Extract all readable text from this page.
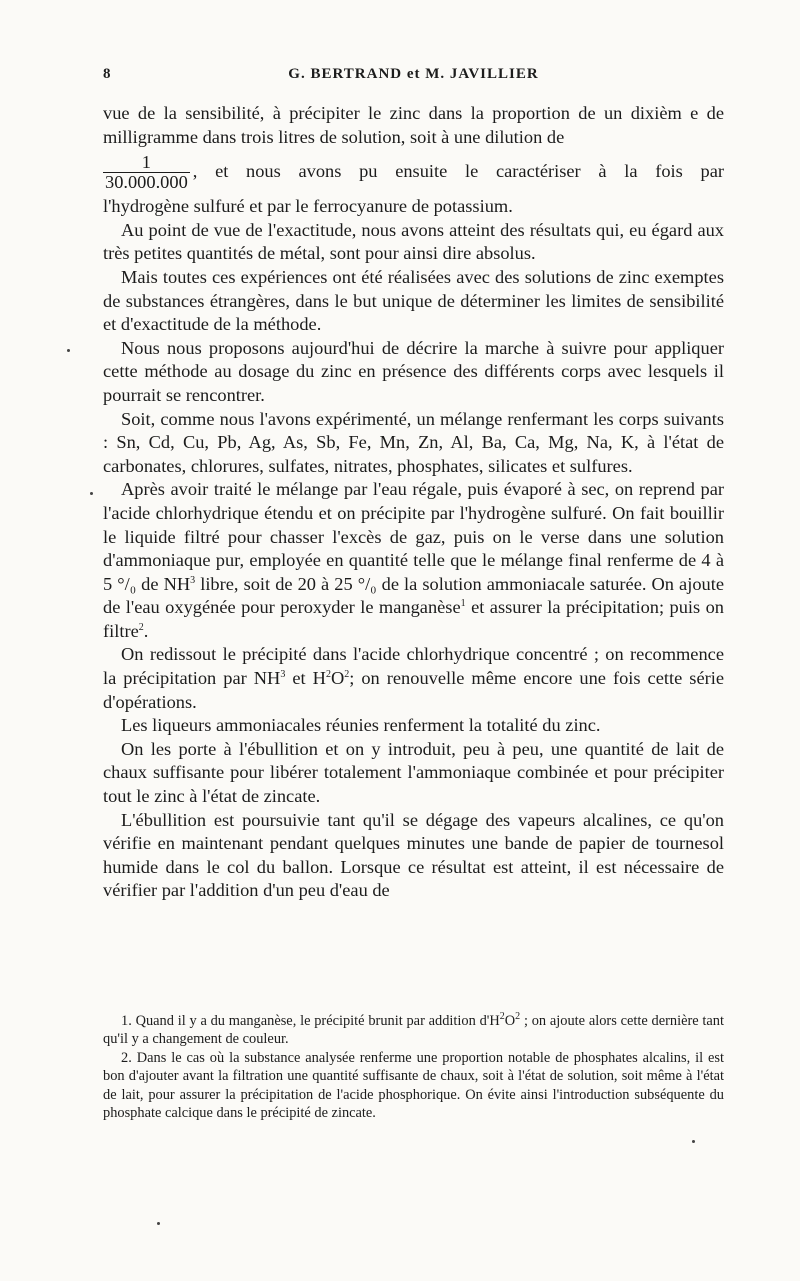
8	G. BERTRAND et M. JAVILLIER

vue de la sensibilité, à précipiter le zinc dans la proportion de un dixièm e de milligramme dans trois litres de solution, soit à une dilution de

$\frac{1}{30.000.000}$ , et nous avons pu ensuite le caractériser à la fois par

l'hydrogène sulfuré et par le ferrocyanure de potassium.

Au point de vue de l'exactitude, nous avons atteint des résultats qui, eu égard aux très petites quantités de métal, sont pour ainsi dire absolus.

Mais toutes ces expériences ont été réalisées avec des solutions de zinc exemptes de substances étrangères, dans le but unique de déterminer les limites de sensibilité et d'exactitude de la méthode.

Nous nous proposons aujourd'hui de décrire la marche à suivre pour appliquer cette méthode au dosage du zinc en présence des différents corps avec lesquels il pourrait se rencontrer.

Soit, comme nous l'avons expérimenté, un mélange renfermant les corps suivants : Sn, Cd, Cu, Pb, Ag, As, Sb, Fe, Mn, Zn, Al, Ba, Ca, Mg, Na, K, à l'état de carbonates, chlorures, sulfates, nitrates, phosphates, silicates et sulfures.

Après avoir traité le mélange par l'eau régale, puis évaporé à sec, on reprend par l'acide chlorhydrique étendu et on précipite par l'hydrogène sulfuré. On fait bouillir le liquide filtré pour chasser l'excès de gaz, puis on le verse dans une solution d'ammoniaque pur, employée en quantité telle que le mélange final renferme de 4 à 5 °/₀ de $NH^3$ libre, soit de 20 à 25 °/₀ de la solution ammoniacale saturée. On ajoute de l'eau oxygénée pour peroxyder le manganèse$^1$ et assurer la précipitation; puis on filtre$^2$.

On redissout le précipité dans l'acide chlorhydrique concentré ; on recommence la précipitation par $NH^3$ et $H^2O^2$; on renouvelle même encore une fois cette série d'opérations.

Les liqueurs ammoniacales réunies renferment la totalité du zinc.

On les porte à l'ébullition et on y introduit, peu à peu, une quantité de lait de chaux suffisante pour libérer totalement l'ammoniaque combinée et pour précipiter tout le zinc à l'état de zincate.

L'ébullition est poursuivie tant qu'il se dégage des vapeurs alcalines, ce qu'on vérifie en maintenant pendant quelques minutes une bande de papier de tournesol humide dans le col du ballon. Lorsque ce résultat est atteint, il est nécessaire de vérifier par l'addition d'un peu d'eau de

1. Quand il y a du manganèse, le précipité brunit par addition $d'H^2O^2$ ; on ajoute alors cette dernière tant qu'il y a changement de couleur.

2. Dans le cas où la substance analysée renferme une proportion notable de phosphates alcalins, il est bon d'ajouter avant la filtration une quantité suffisante de chaux, soit à l'état de solution, soit même à l'état de lait, pour assurer la précipitation de l'acide phosphorique. On évite ainsi l'introduction subséquente du phosphate calcique dans le précipité de zincate.
